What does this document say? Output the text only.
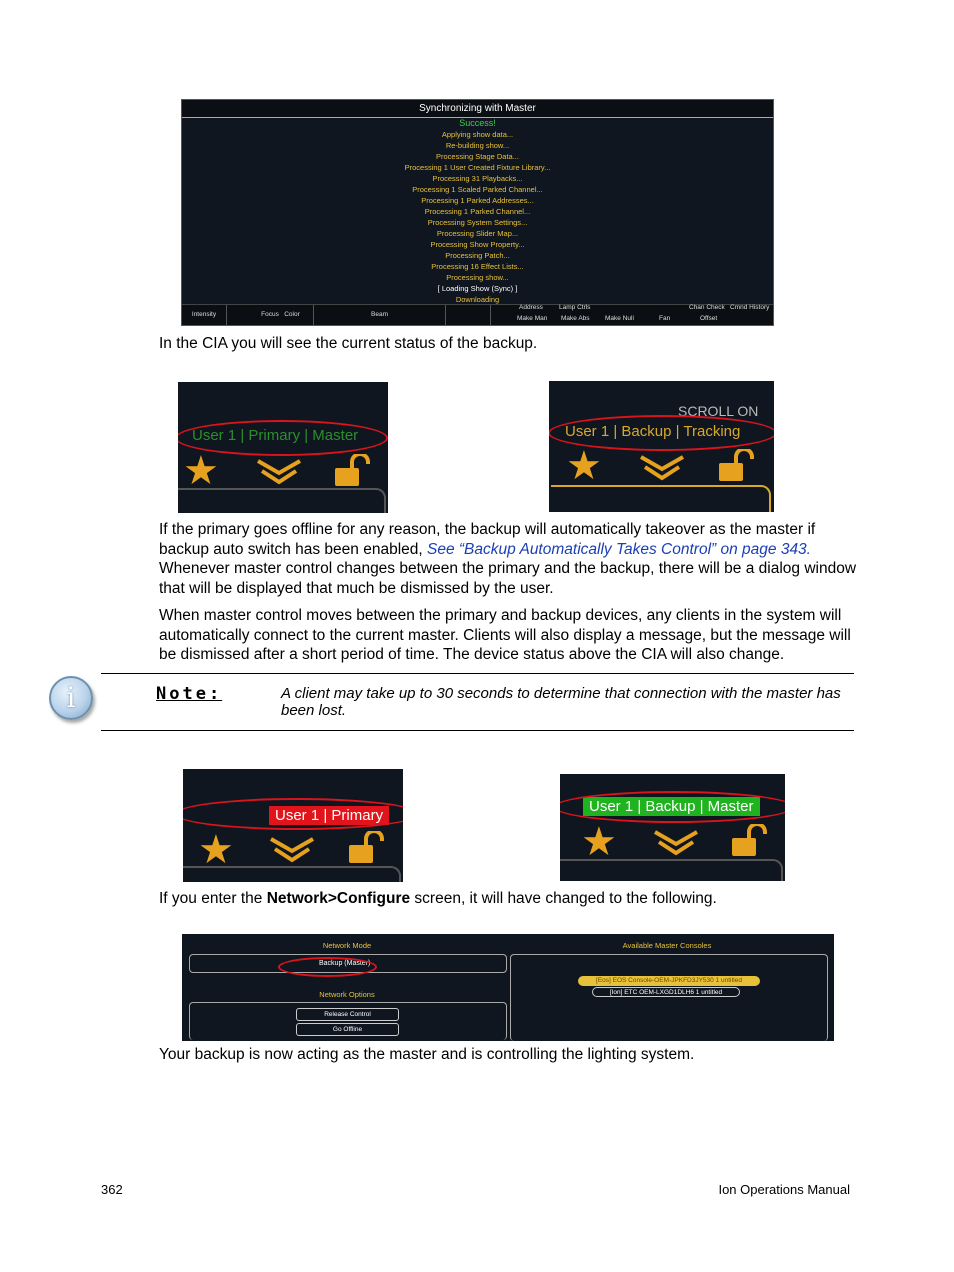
Synchronizing with Master
Success!
Applying show data...
Re-building show...
Processing Stage Data...
Processing 1 User Created Fixture Library...
Processing 31 Playbacks...
Processing 1 Scaled Parked Channel...
Processing 1 Parked Addresses...
Processing 1 Parked Channel...
Processing System Settings...
Processing Slider Map...
Processing Show Property...
Processing Patch...
Processing 16 Effect Lists...
Processing show...
[ Loading Show (Sync) ]
Downloading
Intensity	Focus Color	Beam
Address Lamp Ctrls	Chan Check Cmnd History
Make Man Make Abs Make Null	Fan	Offset

In the CIA you will see the current status of the backup.

User 1 | Primary | Master
★
SCROLL ON
User 1 | Backup | Tracking
★

If the primary goes offline for any reason, the backup will automatically takeover as the master if backup auto switch has been enabled, See “Backup Automatically Takes Control” on page 343. Whenever master control changes between the primary and the backup, there will be a dialog window that will be displayed that much be dismissed by the user.

When master control moves between the primary and backup devices, any clients in the system will automatically connect to the current master. Clients will also display a message, but the message will be dismissed after a short period of time. The device status above the CIA will also change.

i	Note:	A client may take up to 30 seconds to determine that connection with the master has been lost.
User 1 | Primary
★
User 1 | Backup | Master
★

If you enter the Network>Configure screen, it will have changed to the following.

Network Mode
Backup (Master)
Network Options
Release Control
Go Offline
Available Master Consoles
[Eos] EOS Console-OEM-JPKFD3JY530 1 untitled
[Ion] ETC OEM-LXGD1DLH6 1 untitled

Your backup is now acting as the master and is controlling the lighting system.

362	Ion Operations Manual
